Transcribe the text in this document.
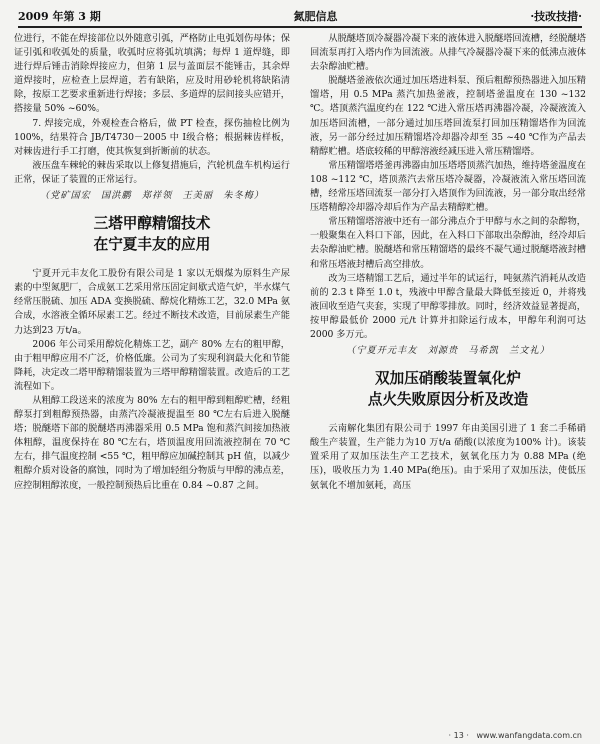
2009 年第 3 期	氮肥信息	·技改技措·

位进行，不能在焊接部位以外随意引弧，严格防止电弧划伤母体；保证引弧和收弧处的质量，收弧时应将弧坑填满；每焊 1 道焊缝，即进行焊后锤击消除焊接应力，但第 1 层与盖面层不能锤击，其余焊道焊接时，应检查上层焊道，若有缺陷，应及时用砂轮机将缺陷清除，按原工艺要求重新进行焊接；多层、多道焊的层间接头应错开，搭接量 50% ~60%。

7. 焊接完成，外观检查合格后，做 PT 检查，探伤抽检比例为 100%，结果符合 JB/T4730－2005 中 Ⅰ级合格；根据棘齿样板，对棘齿进行手工打磨，使其恢复到折断前的状态。

液压盘车棘轮的棘齿采取以上修复措施后，汽轮机盘车机构运行正常，保证了装置的正常运行。

（党矿国宏　国洪鹏　郑祥领　王美丽　朱冬梅）

三塔甲醇精馏技术
在宁夏丰友的应用

宁夏开元丰友化工股份有限公司是 1 家以无烟煤为原料生产尿素的中型氮肥厂，合成氨工艺采用常压固定间歇式造气炉，半水煤气经常压脱硫、加压 ADA 变换脱硫、醇烷化精炼工艺，32.0 MPa 氨合成，水溶液全循环尿素工艺。经过不断技术改造，目前尿素生产能力达到23 万t/a。

2006 年公司采用醇烷化精炼工艺，副产 80% 左右的粗甲醇，由于粗甲醇应用不广泛，价格低廉。公司为了实现利润最大化和节能降耗，决定改二塔甲醇精馏装置为三塔甲醇精馏装置。改造后的工艺流程如下。

从粗醇工段送来的浓度为 80% 左右的粗甲醇到粗醇贮槽，经粗醇泵打到粗醇预热器，由蒸汽冷凝液提温至 80 ℃左右后进入脱醚塔；脱醚塔下部的脱醚塔再沸器采用 0.5 MPa 饱和蒸汽间接加热液体粗醇，温度保持在 80 ℃左右，塔顶温度用回流液控制在 70 ℃左右，排气温度控制 <55 ℃，粗甲醇应加碱控制其 pH 值，以减少粗醇介质对设备的腐蚀，同时为了增加轻组分物质与甲醇的沸点差，应控制粗醇浓度，一般控制预热后比重在 0.84 ~0.87 之间。

从脱醚塔顶冷凝器冷凝下来的液体进入脱醚塔回流槽，经脱醚塔回流泵再打入塔内作为回流液。从排气冷凝器冷凝下来的低沸点液体去杂醇油贮槽。

脱醚塔釜液依次通过加压塔进料泵、预后粗醇预热器进入加压精馏塔，用 0.5 MPa 蒸汽加热釜液，控制塔釜温度在 130 ~132 ℃。塔顶蒸汽温度约在 122 ℃进入常压塔再沸器冷凝，冷凝液流入加压塔回流槽，一部分通过加压塔回流泵打回加压精馏塔作为回流液，另一部分经过加压精馏塔冷却器冷却至 35 ~40 ℃作为产品去精醇贮槽。塔底较稀的甲醇溶液经减压进入常压精馏塔。

常压精馏塔塔釜再沸器由加压塔塔顶蒸汽加热，维持塔釜温度在 108 ~112 ℃，塔顶蒸汽去常压塔冷凝器，冷凝液流入常压塔回流槽，经常压塔回流泵一部分打入塔顶作为回流液，另一部分取出经常压塔精醇冷却器冷却后作为产品去精醇贮槽。

常压精馏塔溶液中还有一部分沸点介于甲醇与水之间的杂醇物，一般聚集在入料口下部，因此，在入料口下部取出杂醇油，经冷却后去杂醇油贮槽。脱醚塔和常压精馏塔的最终不凝气通过脱醚塔液封槽和常压塔液封槽后高空排放。

改为三塔精馏工艺后，通过半年的试运行，吨氨蒸汽消耗从改造前的 2.3 t 降至 1.0 t，残液中甲醇含量最大降低至接近 0，并将残液回收至造气夹套，实现了甲醇零排放。同时，经济效益显著提高，按甲醇最低价 2000 元/t 计算并扣除运行成本，甲醇年利润可达 2000 多万元。

（宁夏开元丰友　刘源贵　马希凯　兰文礼）

双加压硝酸装置氧化炉
点火失败原因分析及改造

云南解化集团有限公司于 1997 年由美国引进了 1 套二手稀硝酸生产装置，生产能力为10 万t/a 硝酸(以浓度为100% 计)。该装置采用了双加压法生产工艺技术，氨氧化压力为 0.88 MPa (绝压)，吸收压力为 1.40 MPa(绝压)。由于采用了双加压法，使低压氨氧化不增加氨耗，高压

· 13 · www.wanfangdata.com.cn
